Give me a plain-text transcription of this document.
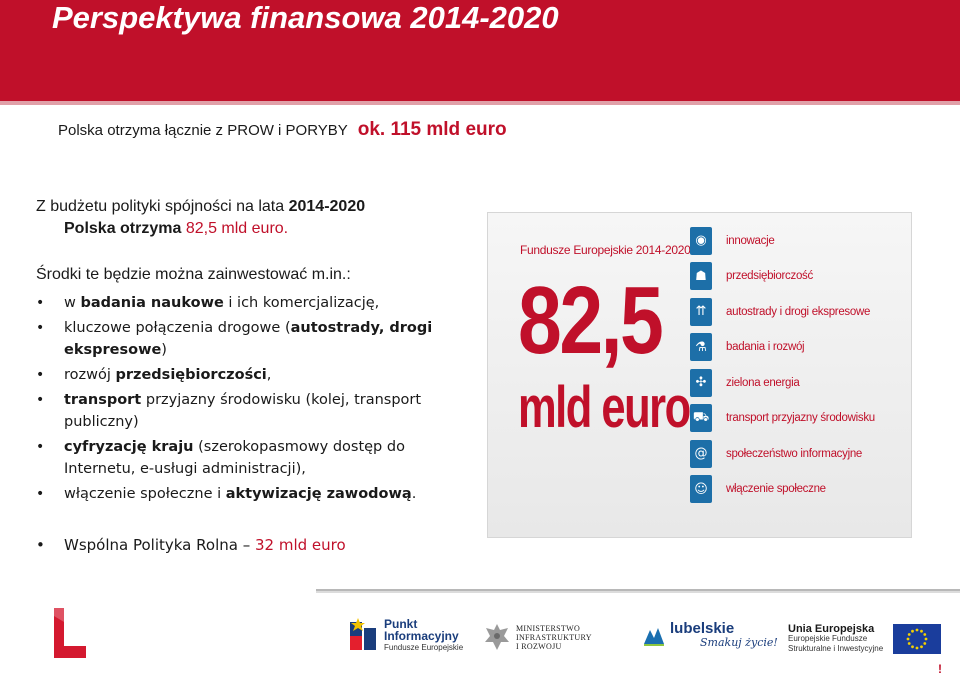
Perspektywa finansowa 2014-2020
Polska otrzyma łącznie z PROW i PORYBY ok. 115 mld euro
Z budżetu polityki spójności na lata 2014-2020
Polska otrzyma 82,5 mld euro.
Środki te będzie można zainwestować m.in.:
• w badania naukowe i ich komercjalizację,
• kluczowe połączenia drogowe (autostrady, drogi ekspresowe)
• rozwój przedsiębiorczości,
• transport przyjazny środowisku (kolej, transport publiczny)
• cyfryzację kraju (szerokopasmowy dostęp do Internetu, e-usługi administracji),
• włączenie społeczne i aktywizację zawodową.
• Wspólna Polityka Rolna – 32 mld euro
Fundusze Europejskie 2014-2020
82,5
mld euro
◉	innowacje
☗	przedsiębiorczość
⇈	autostrady i drogi ekspresowe
⚗	badania i rozwój
✣	zielona energia
⛟ transport przyjazny środowisku
@	społeczeństwo informacyjne
☺	włączenie społeczne
Punkt
Informacyjny
Fundusze Europejskie
MINISTERSTWO
INFRASTRUKTURY
I ROZWOJU
lubelskie
Smakuj życie!
Unia Europejska
Europejskie Fundusze
Strukturalne i Inwestycyjne
!
